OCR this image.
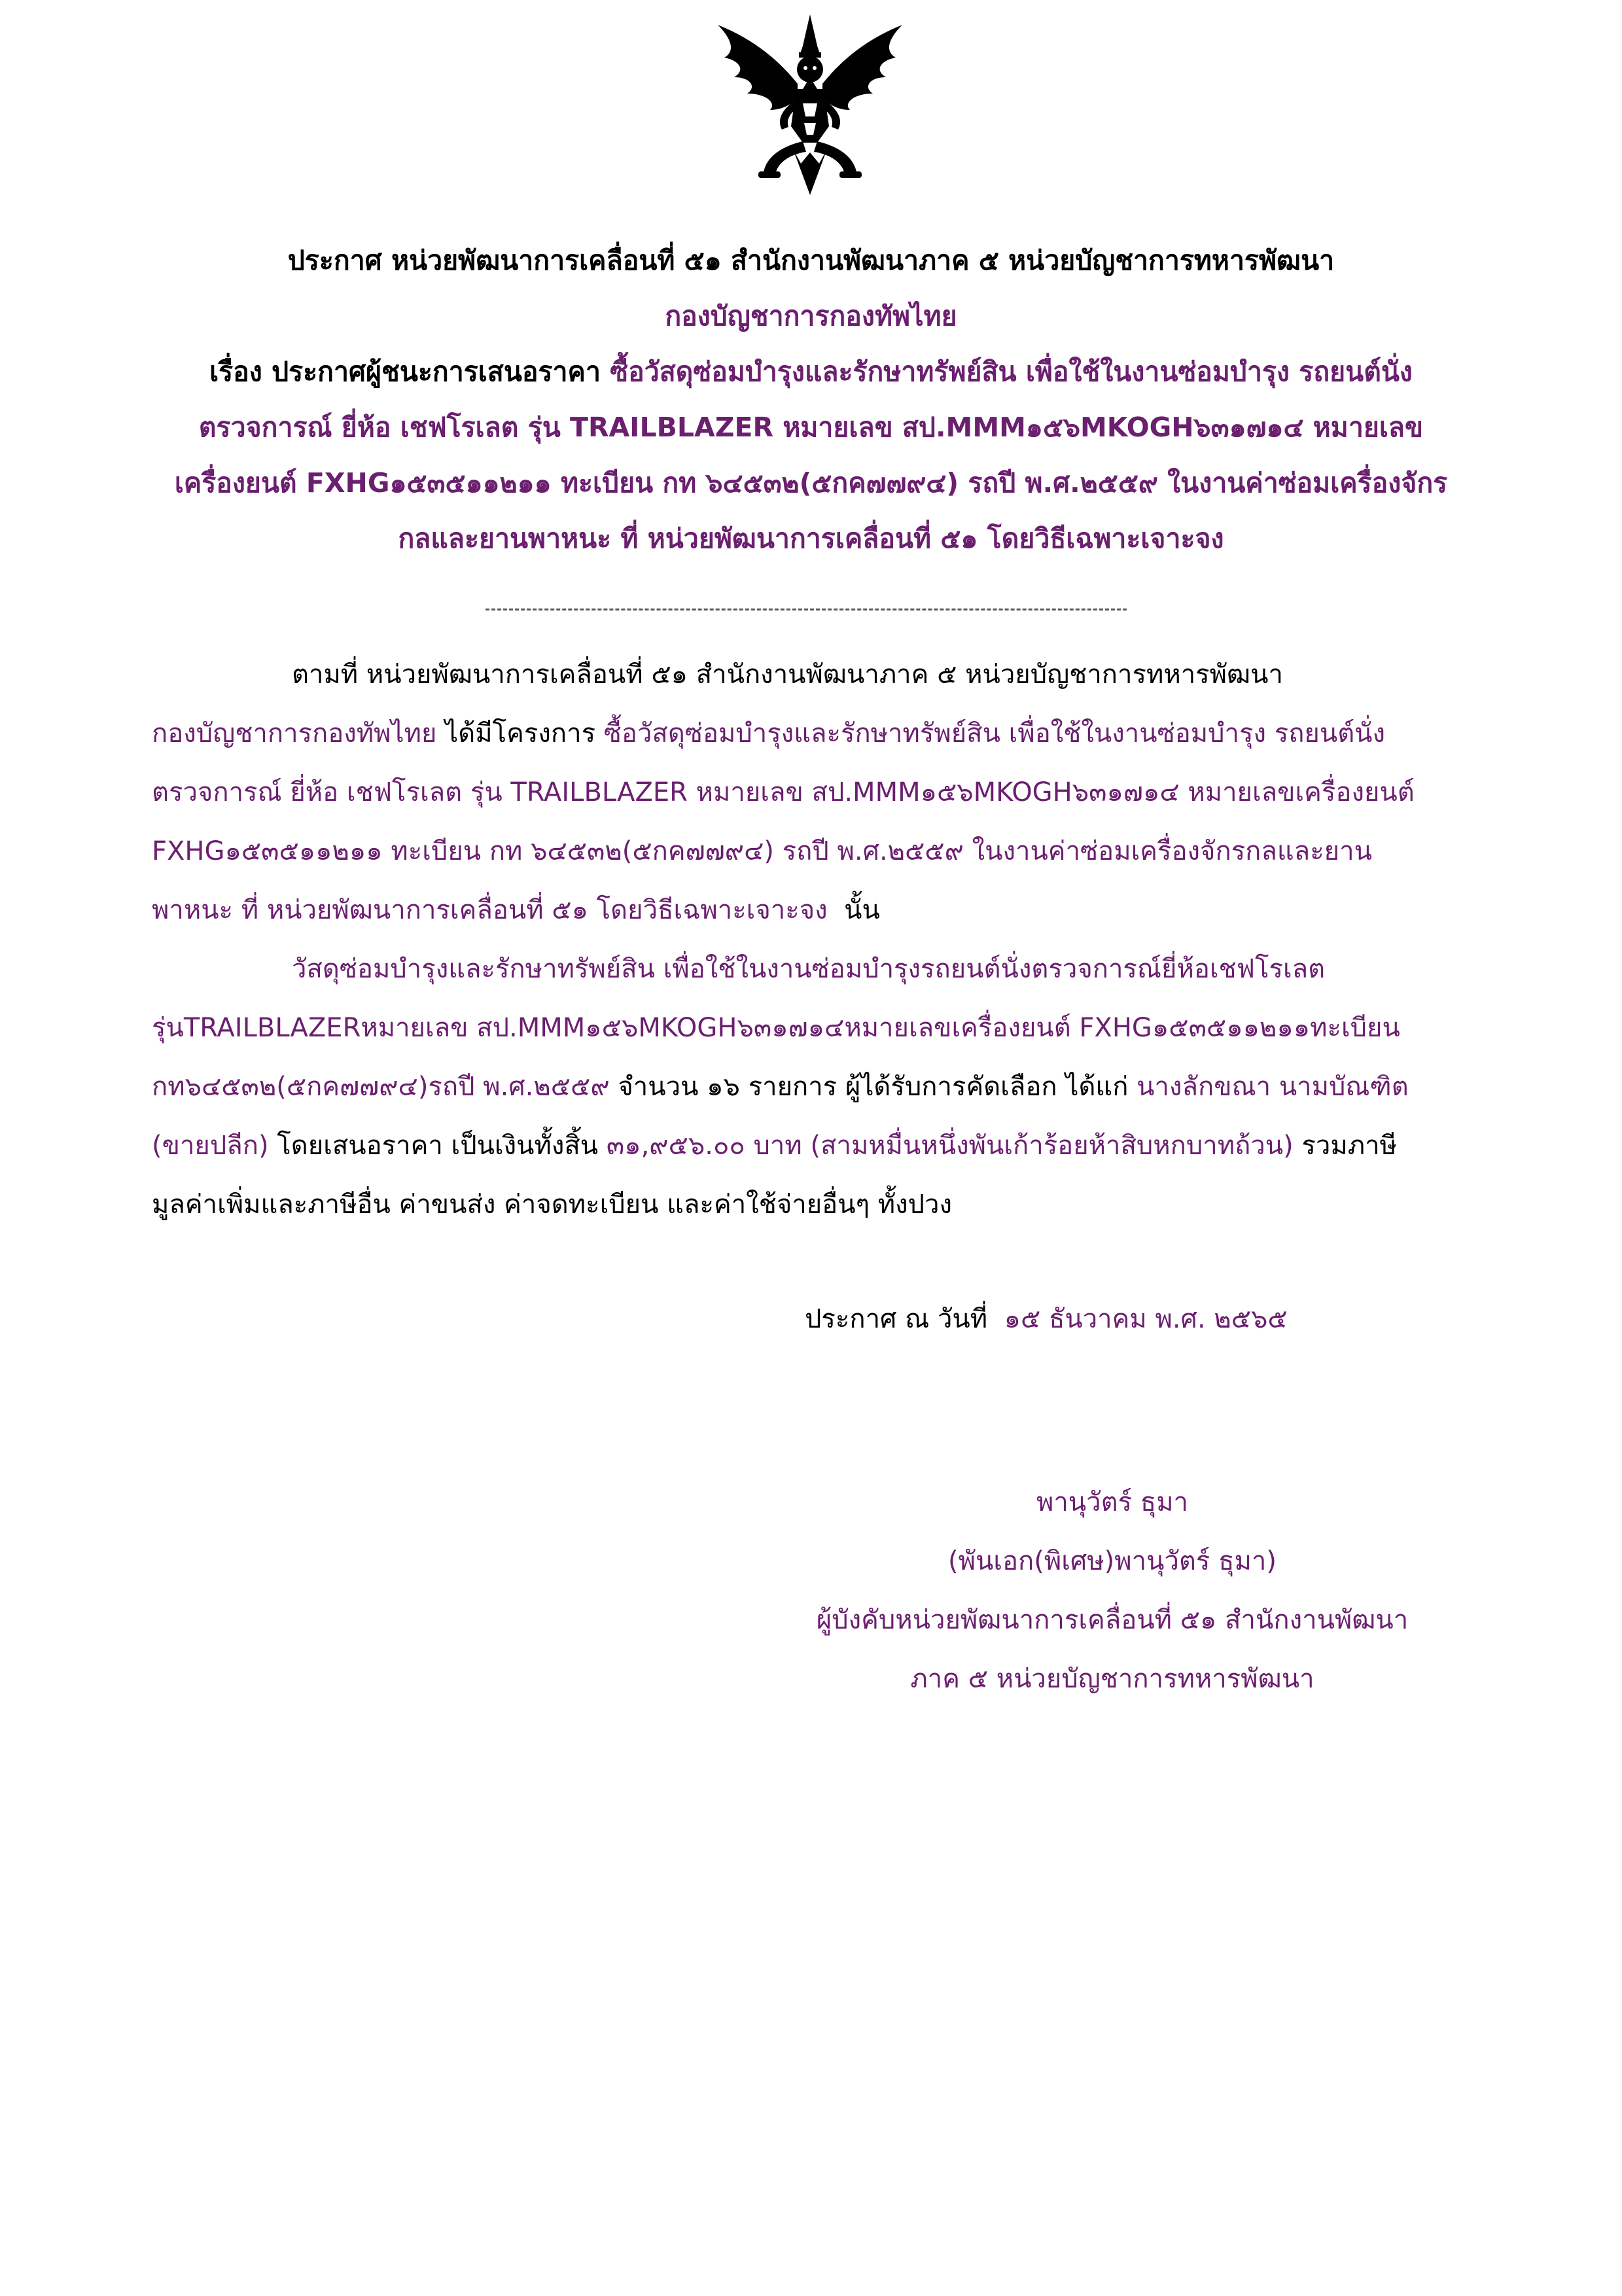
ประกาศ หน่วยพัฒนาการเคลื่อนที่ ๕๑ สำนักงานพัฒนาภาค ๕ หน่วยบัญชาการทหารพัฒนา
กองบัญชาการกองทัพไทย
เรื่อง ประกาศผู้ชนะการเสนอราคา ซื้อวัสดุซ่อมบำรุงและรักษาทรัพย์สิน เพื่อใช้ในงานซ่อมบำรุง รถยนต์นั่ง
ตรวจการณ์ ยี่ห้อ เชฟโรเลต รุ่น TRAILBLAZER หมายเลข สป.MMM๑๕๖MKOGH๖๓๑๗๑๔ หมายเลข
เครื่องยนต์ FXHG๑๕๓๕๑๑๒๑๑ ทะเบียน กท ๖๔๕๓๒(๕กค๗๗๙๔) รถปี พ.ศ.๒๕๕๙ ในงานค่าซ่อมเครื่องจักร
กลและยานพาหนะ ที่ หน่วยพัฒนาการเคลื่อนที่ ๕๑ โดยวิธีเฉพาะเจาะจง
ตามที่ หน่วยพัฒนาการเคลื่อนที่ ๕๑ สำนักงานพัฒนาภาค ๕ หน่วยบัญชาการทหารพัฒนา
กองบัญชาการกองทัพไทย ได้มีโครงการ ซื้อวัสดุซ่อมบำรุงและรักษาทรัพย์สิน เพื่อใช้ในงานซ่อมบำรุง รถยนต์นั่ง
ตรวจการณ์ ยี่ห้อ เชฟโรเลต รุ่น TRAILBLAZER หมายเลข สป.MMM๑๕๖MKOGH๖๓๑๗๑๔ หมายเลขเครื่องยนต์
FXHG๑๕๓๕๑๑๒๑๑ ทะเบียน กท ๖๔๕๓๒(๕กค๗๗๙๔) รถปี พ.ศ.๒๕๕๙ ในงานค่าซ่อมเครื่องจักรกลและยาน
พาหนะ ที่ หน่วยพัฒนาการเคลื่อนที่ ๕๑ โดยวิธีเฉพาะเจาะจง นั้น
วัสดุซ่อมบำรุงและรักษาทรัพย์สิน เพื่อใช้ในงานซ่อมบำรุงรถยนต์นั่งตรวจการณ์ยี่ห้อเชฟโรเลต
รุ่นTRAILBLAZERหมายเลข สป.MMM๑๕๖MKOGH๖๓๑๗๑๔หมายเลขเครื่องยนต์ FXHG๑๕๓๕๑๑๒๑๑ทะเบียน
กท๖๔๕๓๒(๕กค๗๗๙๔)รถปี พ.ศ.๒๕๕๙ จำนวน ๑๖ รายการ ผู้ได้รับการคัดเลือก ได้แก่ นางลักขณา นามบัณฑิต
(ขายปลีก) โดยเสนอราคา เป็นเงินทั้งสิ้น ๓๑,๙๕๖.๐๐ บาท (สามหมื่นหนึ่งพันเก้าร้อยห้าสิบหกบาทถ้วน) รวมภาษี
มูลค่าเพิ่มและภาษีอื่น ค่าขนส่ง ค่าจดทะเบียน และค่าใช้จ่ายอื่นๆ ทั้งปวง
ประกาศ ณ วันที่ ๑๕ ธันวาคม พ.ศ. ๒๕๖๕
พานุวัตร์ ธุมา
(พันเอก(พิเศษ)พานุวัตร์ ธุมา)
ผู้บังคับหน่วยพัฒนาการเคลื่อนที่ ๕๑ สำนักงานพัฒนา
ภาค ๕ หน่วยบัญชาการทหารพัฒนา
